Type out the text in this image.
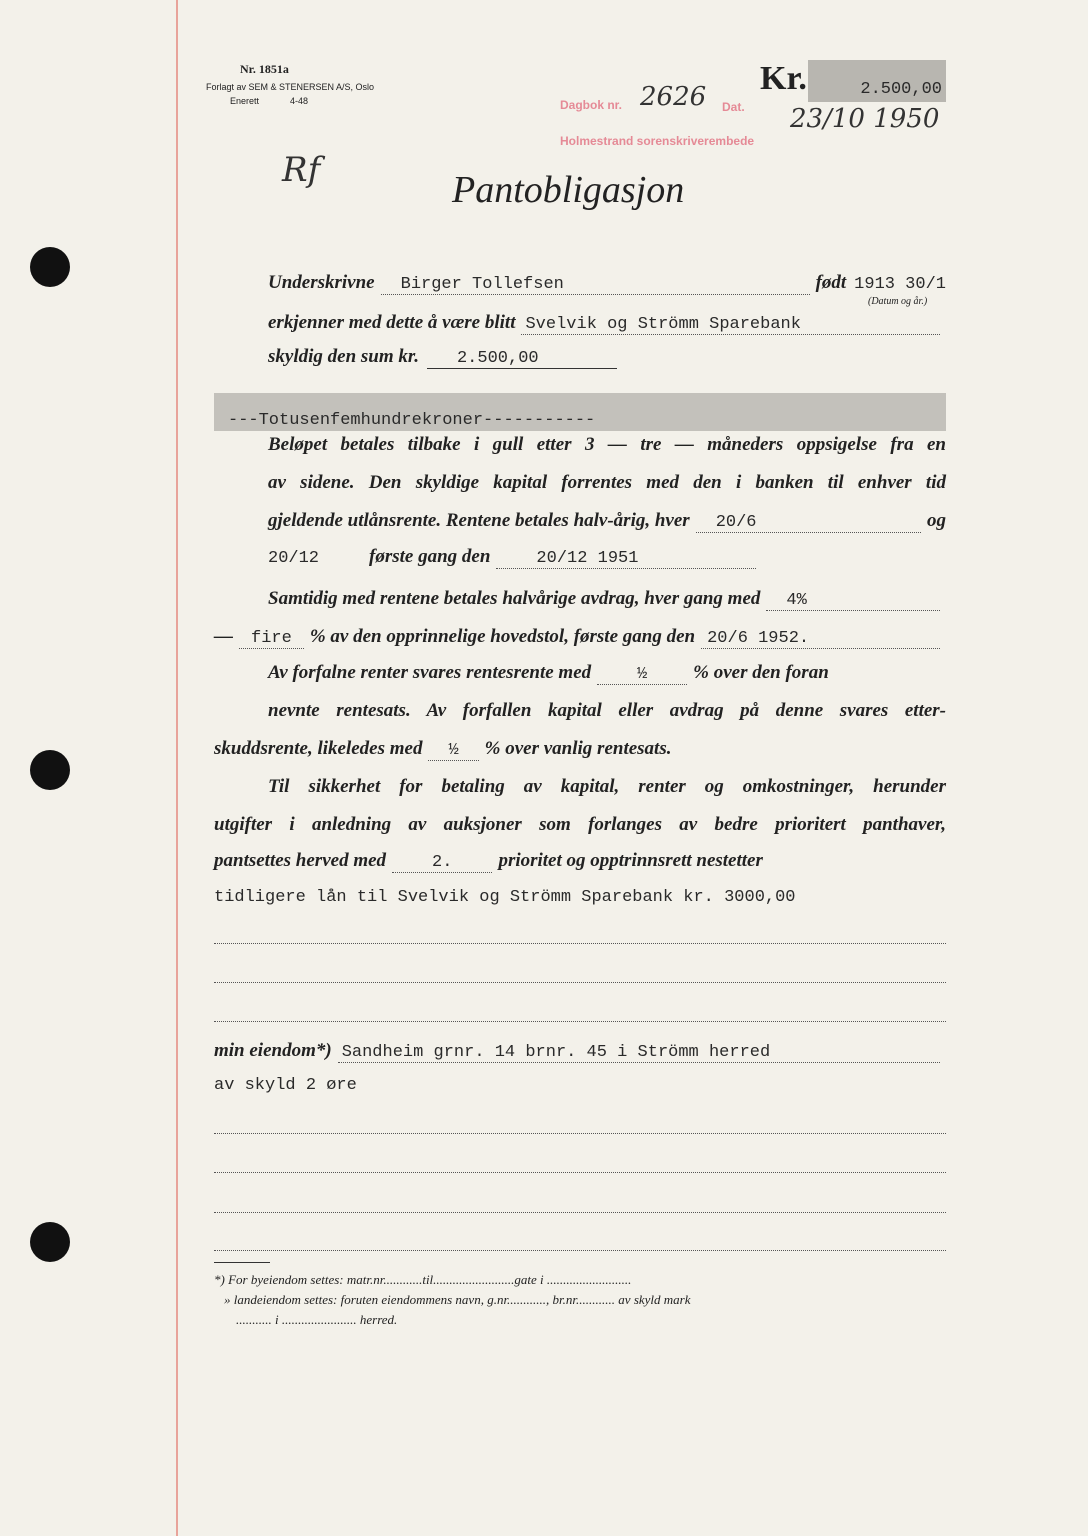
Nr. 1851a
Forlagt av SEM & STENERSEN A/S, Oslo
Enerett	4-48
Kr.	2.500,00
Dagbok nr. 2626 Dat. 23/10 1950
Holmestrand sorenskriverembede
Rf	Pantobligasjon
Underskrivne	Birger Tollefsen	født 1913 30/1
(Datum og år.)
erkjenner med dette å være blitt Svelvik og Strömm Sparebank
skyldig den sum kr.	2.500,00
---Totusenfemhundrekroner-----------
Beløpet betales tilbake i gull etter 3 — tre — måneders oppsigelse fra en
av sidene. Den skyldige kapital forrentes med den i banken til enhver tid
gjeldende utlånsrente. Rentene betales halv-årig, hver	20/6	og
20/12	første gang den	20/12 1951
Samtidig med rentene betales halvårige avdrag, hver gang med	4%
—	fire % av den opprinnelige hovedstol, første gang den 20/6 1952.
Av forfalne renter svares rentesrente med	½	% over den foran
nevnte rentesats. Av forfallen kapital eller avdrag på denne svares etter-
skuddsrente, likeledes med	½	% over vanlig rentesats.
Til sikkerhet for betaling av kapital, renter og omkostninger, herunder
utgifter i anledning av auksjoner som forlanges av bedre prioritert panthaver,
pantsettes herved med	2.	prioritet og opptrinnsrett nestetter
tidligere lån til Svelvik og Strömm Sparebank kr. 3000,00
min eiendom*) Sandheim grnr. 14 brnr. 45 i Strömm herred
av skyld 2 øre
*) For byeiendom settes: matr.nr............til.........................gate i ..........................
» landeiendom settes: foruten eiendommens navn, g.nr............, br.nr............ av skyld mark
........... i ....................... herred.
